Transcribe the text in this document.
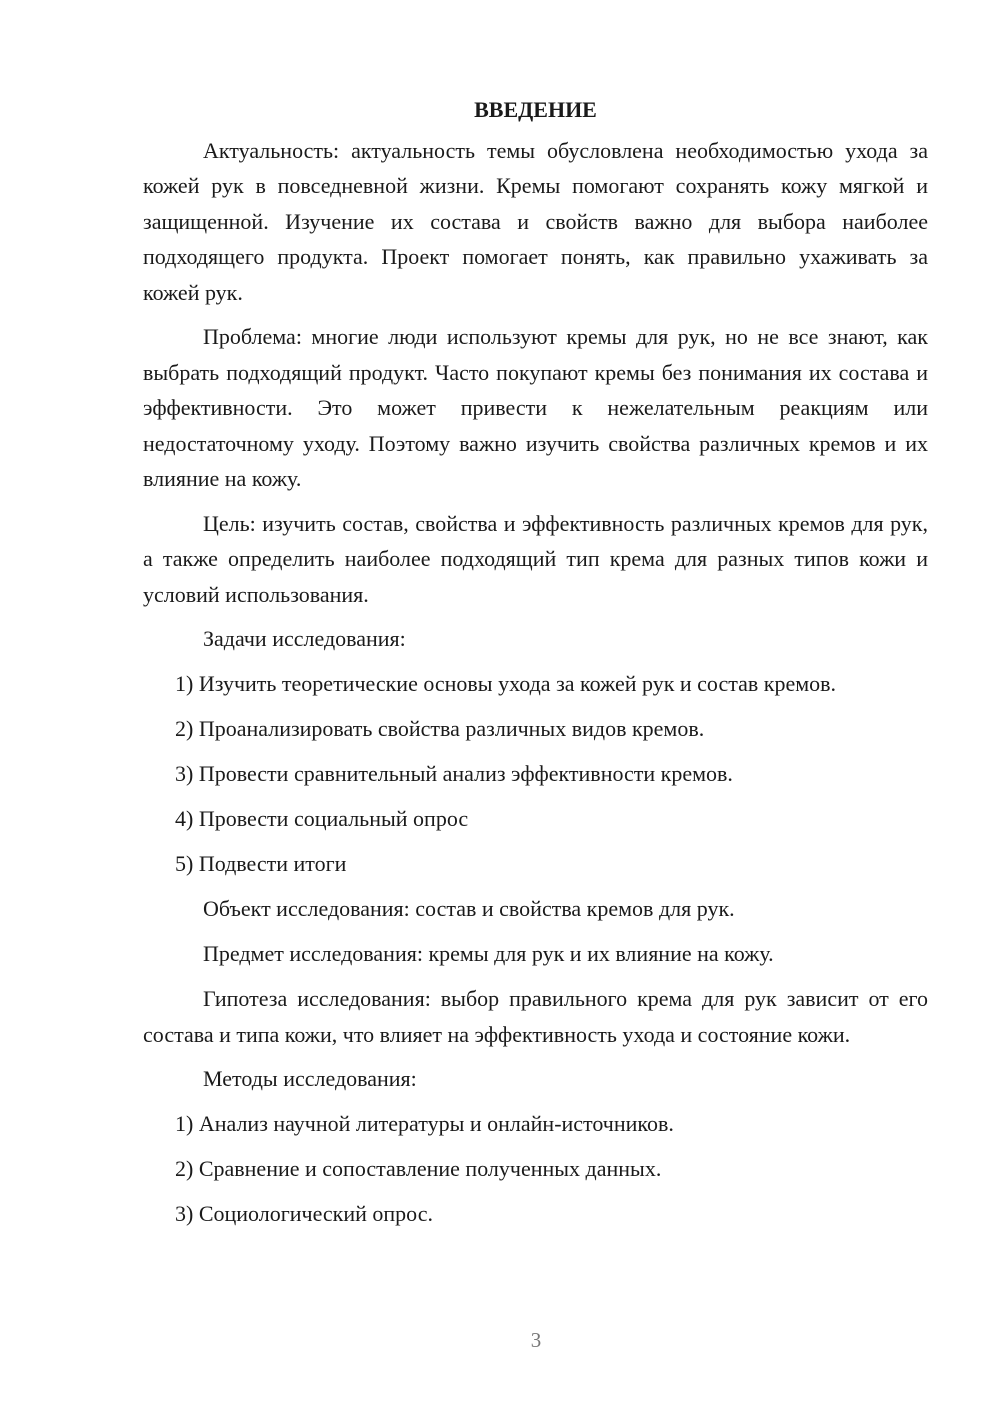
ВВЕДЕНИЕ

Актуальность: актуальность темы обусловлена необходимостью ухода за кожей рук в повседневной жизни. Кремы помогают сохранять кожу мягкой и защищенной. Изучение их состава и свойств важно для выбора наиболее подходящего продукта. Проект помогает понять, как правильно ухаживать за кожей рук.

Проблема: многие люди используют кремы для рук, но не все знают, как выбрать подходящий продукт. Часто покупают кремы без понимания их состава и эффективности. Это может привести к нежелательным реакциям или недостаточному уходу. Поэтому важно изучить свойства различных кремов и их влияние на кожу.

Цель: изучить состав, свойства и эффективность различных кремов для рук, а также определить наиболее подходящий тип крема для разных типов кожи и условий использования.

Задачи исследования:
1) Изучить теоретические основы ухода за кожей рук и состав кремов.
2) Проанализировать свойства различных видов кремов.
3) Провести сравнительный анализ эффективности кремов.
4) Провести социальный опрос
5) Подвести итоги
Объект исследования: состав и свойства кремов для рук.
Предмет исследования: кремы для рук и их влияние на кожу.

Гипотеза исследования: выбор правильного крема для рук зависит от его состава и типа кожи, что влияет на эффективность ухода и состояние кожи.

Методы исследования:
1) Анализ научной литературы и онлайн-источников.
2) Сравнение и сопоставление полученных данных.
3) Социологический опрос.
3
